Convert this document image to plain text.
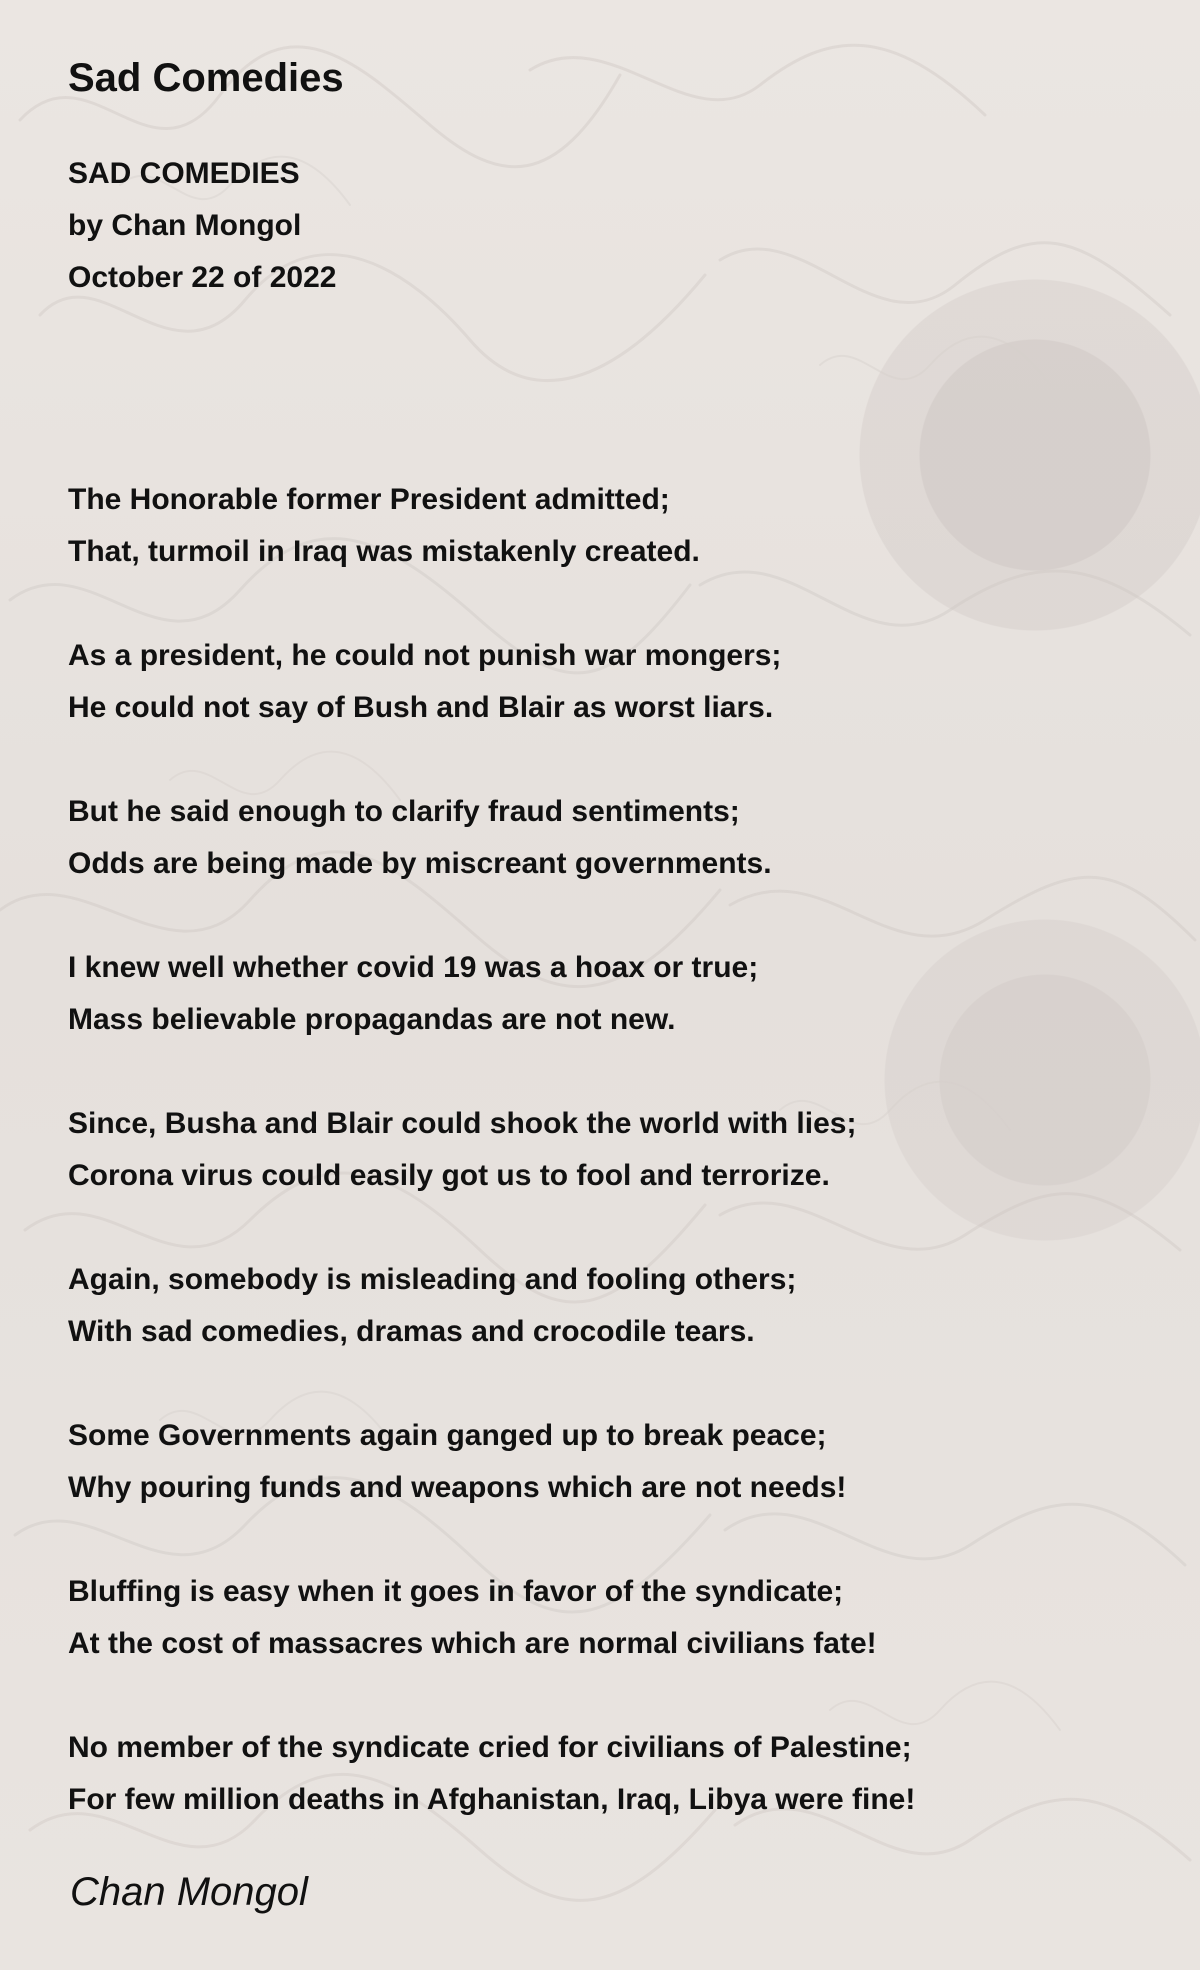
Sad Comedies
SAD COMEDIES
by Chan Mongol
October 22 of 2022

The Honorable former President admitted;
That, turmoil in Iraq was mistakenly created.

As a president, he could not punish war mongers;
He could not say of Bush and Blair as worst liars.

But he said enough to clarify fraud sentiments;
Odds are being made by miscreant governments.

I knew well whether covid 19 was a hoax or true;
Mass believable propagandas are not new.

Since, Busha and Blair could shook the world with lies;
Corona virus could easily got us to fool and terrorize.

Again, somebody is misleading and fooling others;
With sad comedies, dramas and crocodile tears.

Some Governments again ganged up to break peace;
Why pouring funds and weapons which are not needs!

Bluffing is easy when it goes in favor of the syndicate;
At the cost of massacres which are normal civilians fate!

No member of the syndicate cried for civilians of Palestine;
For few million deaths in Afghanistan, Iraq, Libya were fine!

Chan Mongol
